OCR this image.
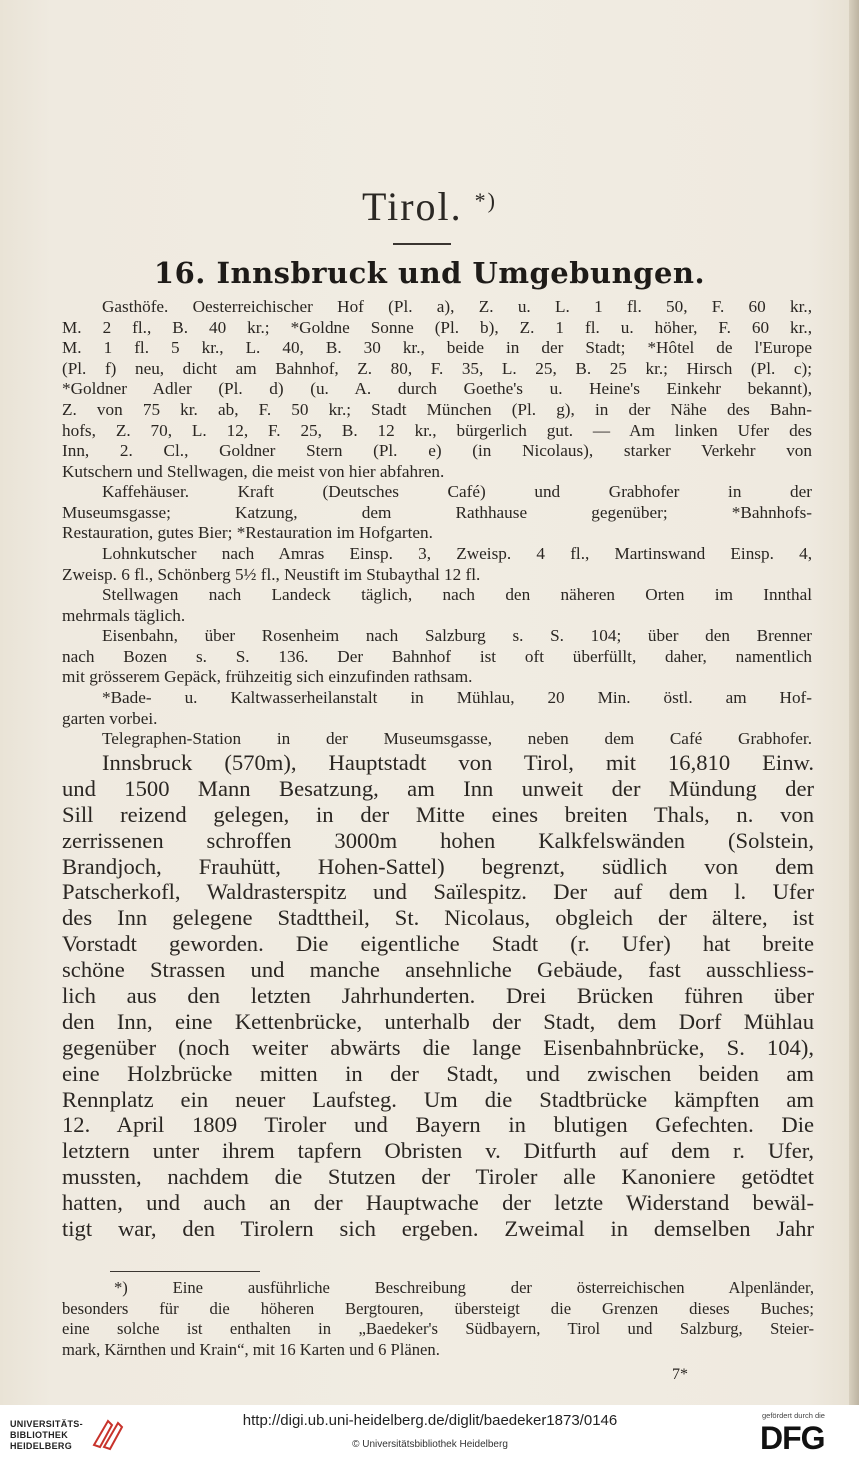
Tirol. *)
16. Innsbruck und Umgebungen.
Gasthöfe. Oesterreichischer Hof (Pl. a), Z. u. L. 1 fl. 50, F. 60 kr.,
M. 2 fl., B. 40 kr.; *Goldne Sonne (Pl. b), Z. 1 fl. u. höher, F. 60 kr.,
M. 1 fl. 5 kr., L. 40, B. 30 kr., beide in der Stadt; *Hôtel de l'Europe
(Pl. f) neu, dicht am Bahnhof, Z. 80, F. 35, L. 25, B. 25 kr.; Hirsch (Pl. c);
*Goldner Adler (Pl. d) (u. A. durch Goethe's u. Heine's Einkehr bekannt),
Z. von 75 kr. ab, F. 50 kr.; Stadt München (Pl. g), in der Nähe des Bahn-
hofs, Z. 70, L. 12, F. 25, B. 12 kr., bürgerlich gut. — Am linken Ufer des
Inn, 2. Cl., Goldner Stern (Pl. e) (in Nicolaus), starker Verkehr von
Kutschern und Stellwagen, die meist von hier abfahren.
Kaffehäuser. Kraft (Deutsches Café) und Grabhofer in der
Museumsgasse; Katzung, dem Rathhause gegenüber; *Bahnhofs-
Restauration, gutes Bier; *Restauration im Hofgarten.
Lohnkutscher nach Amras Einsp. 3, Zweisp. 4 fl., Martinswand Einsp. 4,
Zweisp. 6 fl., Schönberg 5½ fl., Neustift im Stubaythal 12 fl.
Stellwagen nach Landeck täglich, nach den näheren Orten im Innthal
mehrmals täglich.
Eisenbahn, über Rosenheim nach Salzburg s. S. 104; über den Brenner
nach Bozen s. S. 136. Der Bahnhof ist oft überfüllt, daher, namentlich
mit grösserem Gepäck, frühzeitig sich einzufinden rathsam.
*Bade- u. Kaltwasserheilanstalt in Mühlau, 20 Min. östl. am Hof-
garten vorbei.
Telegraphen-Station in der Museumsgasse, neben dem Café Grabhofer.
Innsbruck (570m), Hauptstadt von Tirol, mit 16,810 Einw.
und 1500 Mann Besatzung, am Inn unweit der Mündung der
Sill reizend gelegen, in der Mitte eines breiten Thals, n. von
zerrissenen schroffen 3000m hohen Kalkfelswänden (Solstein,
Brandjoch, Frauhütt, Hohen-Sattel) begrenzt, südlich von dem
Patscherkofl, Waldrasterspitz und Saïlespitz. Der auf dem l. Ufer
des Inn gelegene Stadttheil, St. Nicolaus, obgleich der ältere, ist
Vorstadt geworden. Die eigentliche Stadt (r. Ufer) hat breite
schöne Strassen und manche ansehnliche Gebäude, fast ausschliess-
lich aus den letzten Jahrhunderten. Drei Brücken führen über
den Inn, eine Kettenbrücke, unterhalb der Stadt, dem Dorf Mühlau
gegenüber (noch weiter abwärts die lange Eisenbahnbrücke, S. 104),
eine Holzbrücke mitten in der Stadt, und zwischen beiden am
Rennplatz ein neuer Laufsteg. Um die Stadtbrücke kämpften am
12. April 1809 Tiroler und Bayern in blutigen Gefechten. Die
letztern unter ihrem tapfern Obristen v. Ditfurth auf dem r. Ufer,
mussten, nachdem die Stutzen der Tiroler alle Kanoniere getödtet
hatten, und auch an der Hauptwache der letzte Widerstand bewäl-
tigt war, den Tirolern sich ergeben. Zweimal in demselben Jahr
*) Eine ausführliche Beschreibung der österreichischen Alpenländer,
besonders für die höheren Bergtouren, übersteigt die Grenzen dieses Buches;
eine solche ist enthalten in „Baedeker's Südbayern, Tirol und Salzburg, Steier-
mark, Kärnthen und Krain“, mit 16 Karten und 6 Plänen.
7*
UNIVERSITÄTS-
BIBLIOTHEK
HEIDELBERG
http://digi.ub.uni-heidelberg.de/diglit/baedeker1873/0146
© Universitätsbibliothek Heidelberg
gefördert durch die
DFG
